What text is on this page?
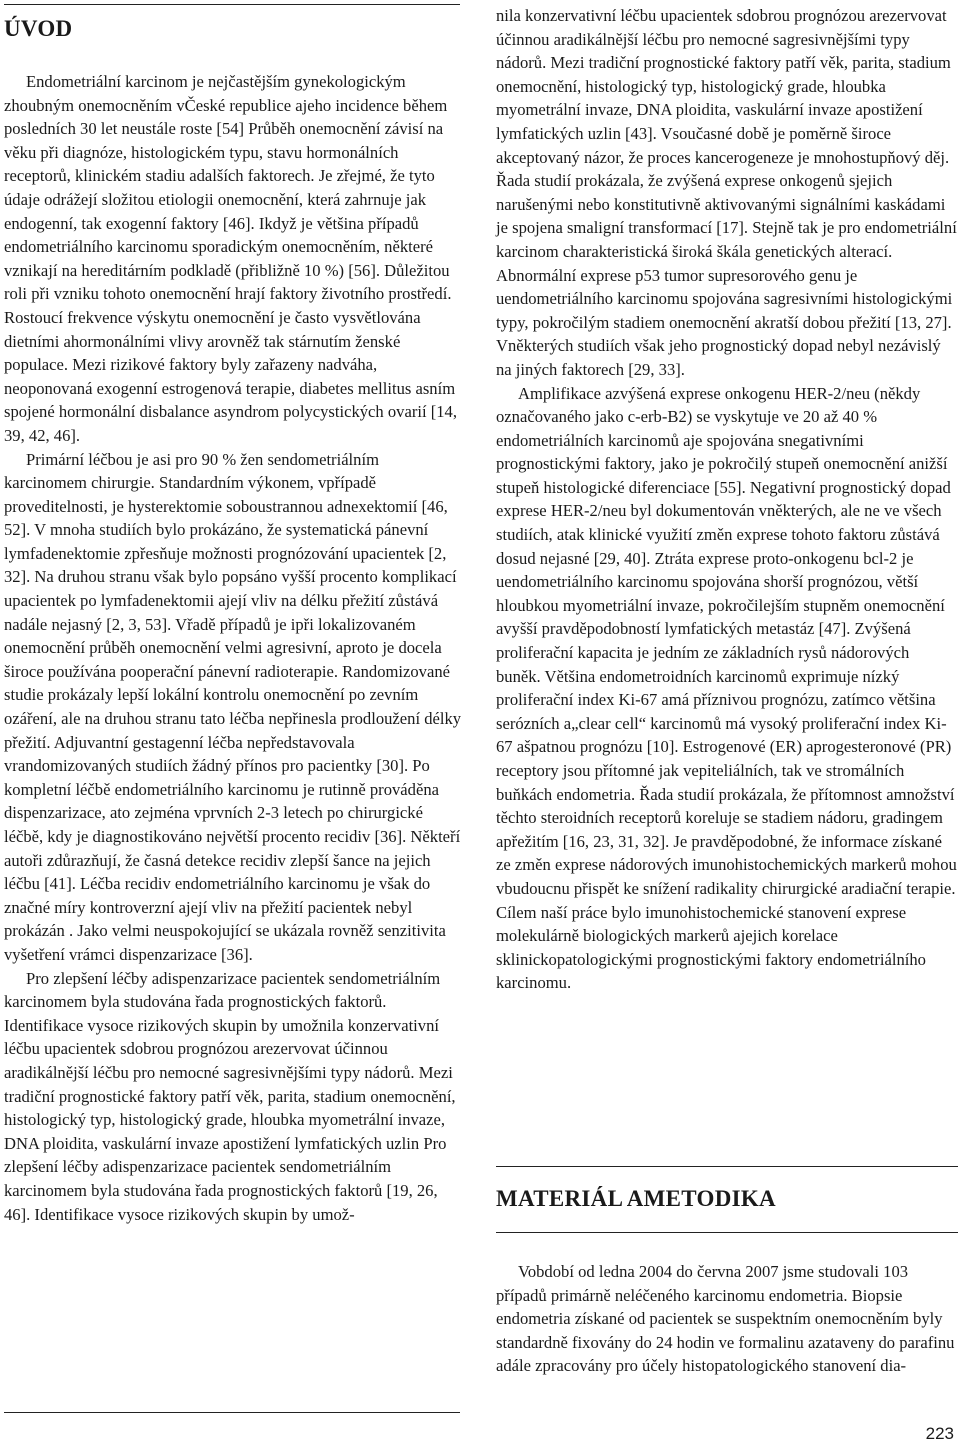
ÚVOD
Endometriální karcinom je nejčastějším gynekologickým zhoubným onemocněním vČeské republice ajeho incidence během posledních 30 let neustále roste [54] Průběh onemocnění závisí na věku při diagnóze, histologickém typu, stavu hormonálních receptorů, klinickém stadiu adalších faktorech. Je zřejmé, že tyto údaje odrážejí složitou etiologii onemocnění, která zahrnuje jak endogenní, tak exogenní faktory [46]. Ikdyž je většina případů endometriálního karcinomu sporadickým onemocněním, některé vznikají na hereditárním podkladě (přibližně 10 %) [56]. Důležitou roli při vzniku tohoto onemocnění hrají faktory životního prostředí. Rostoucí frekvence výskytu onemocnění je často vysvětlována dietními ahormonálními vlivy arovněž tak stárnutím ženské populace. Mezi rizikové faktory byly zařazeny nadváha, neoponovaná exogenní estrogenová terapie, diabetes mellitus asním spojené hormonální disbalance asyndrom polycystických ovarií [14, 39, 42, 46].
Primární léčbou je asi pro 90 % žen sendometriálním karcinomem chirurgie. Standardním výkonem, vpřípadě proveditelnosti, je hysterektomie soboustrannou adnexektomií [46, 52]. V mnoha studiích bylo prokázáno, že systematická pánevní lymfadenektomie zpřesňuje možnosti prognózování upacientek [2, 32]. Na druhou stranu však bylo popsáno vyšší procento komplikací upacientek po lymfadenektomii ajejí vliv na délku přežití zůstává nadále nejasný [2, 3, 53]. Vřadě případů je ipři lokalizovaném onemocnění průběh onemocnění velmi agresivní, aproto je docela široce používána pooperační pánevní radioterapie. Randomizované studie prokázaly lepší lokální kontrolu onemocnění po zevním ozáření, ale na druhou stranu tato léčba nepřinesla prodloužení délky přežití. Adjuvantní gestagenní léčba nepředstavovala vrandomizovaných studiích žádný přínos pro pacientky [30]. Po kompletní léčbě endometriálního karcinomu je rutinně prováděna dispenzarizace, ato zejména vprvních 2-3 letech po chirurgické léčbě, kdy je diagnostikováno největší procento recidiv [36]. Někteří autoři zdůrazňují, že časná detekce recidiv zlepší šance na jejich léčbu [41]. Léčba recidiv endometriálního karcinomu je však do značné míry kontroverzní ajejí vliv na přežití pacientek nebyl prokázán . Jako velmi neuspokojující se ukázala rovněž senzitivita vyšetření vrámci dispenzarizace [36].
Pro zlepšení léčby adispenzarizace pacientek sendometriálním karcinomem byla studována řada prognostických faktorů. Identifikace vysoce rizikových skupin by umožnila konzervativní léčbu upacientek sdobrou prognózou arezervovat účinnou aradikálnější léčbu pro nemocné sagresivnějšími typy nádorů. Mezi tradiční prognostické faktory patří věk, parita, stadium onemocnění, histologický typ, histologický grade, hloubka myometrální invaze, DNA ploidita, vaskulární invaze apostižení lymfatických uzlin Pro zlepšení léčby adispenzarizace pacientek sendometriálním karcinomem byla studována řada prognostických faktorů [19, 26, 46]. Identifikace vysoce rizikových skupin by umož-
nila konzervativní léčbu upacientek sdobrou prognózou arezervovat účinnou aradikálnější léčbu pro nemocné sagresivnějšími typy nádorů. Mezi tradiční prognostické faktory patří věk, parita, stadium onemocnění, histologický typ, histologický grade, hloubka myometrální invaze, DNA ploidita, vaskulární invaze apostižení lymfatických uzlin [43]. Vsoučasné době je poměrně široce akceptovaný názor, že proces kancerogeneze je mnohostupňový děj. Řada studií prokázala, že zvýšená exprese onkogenů sjejich narušenými nebo konstitutivně aktivovanými signálními kaskádami je spojena smaligní transformací [17]. Stejně tak je pro endometriální karcinom charakteristická široká škála genetických alterací. Abnormální exprese p53 tumor supresorového genu je uendometriálního karcinomu spojována sagresivními histologickými typy, pokročilým stadiem onemocnění akratší dobou přežití [13, 27]. Vněkterých studiích však jeho prognostický dopad nebyl nezávislý na jiných faktorech [29, 33].
Amplifikace azvýšená exprese onkogenu HER-2/neu (někdy označovaného jako c-erb-B2) se vyskytuje ve 20 až 40 % endometriálních karcinomů aje spojována snegativními prognostickými faktory, jako je pokročilý stupeň onemocnění anižší stupeň histologické diferenciace [55]. Negativní prognostický dopad exprese HER-2/neu byl dokumentován vněkterých, ale ne ve všech studiích, atak klinické využití změn exprese tohoto faktoru zůstává dosud nejasné [29, 40]. Ztráta exprese proto-onkogenu bcl-2 je uendometriálního karcinomu spojována shorší prognózou, větší hloubkou myometriální invaze, pokročilejším stupněm onemocnění avyšší pravděpodobností lymfatických metastáz [47]. Zvýšená proliferační kapacita je jedním ze základních rysů nádorových buněk. Většina endometroidních karcinomů exprimuje nízký proliferační index Ki-67 amá příznivou prognózu, zatímco většina serózních a„clear cell“ karcinomů má vysoký proliferační index Ki-67 ašpatnou prognózu [10]. Estrogenové (ER) aprogesteronové (PR) receptory jsou přítomné jak vepiteliálních, tak ve stromálních buňkách endometria. Řada studií prokázala, že přítomnost amnožství těchto steroidních receptorů koreluje se stadiem nádoru, gradingem apřežitím [16, 23, 31, 32]. Je pravděpodobné, že informace získané ze změn exprese nádorových imunohistochemických markerů mohou vbudoucnu přispět ke snížení radikality chirurgické aradiační terapie. Cílem naší práce bylo imunohistochemické stanovení exprese molekulárně biologických markerů ajejich korelace sklinickopatologickými prognostickými faktory endometriálního karcinomu.
MATERIÁL AMETODIKA
Vobdobí od ledna 2004 do června 2007 jsme studovali 103 případů primárně neléčeného karcinomu endometria. Biopsie endometria získané od pacientek se suspektním onemocněním byly standardně fixovány do 24 hodin ve formalinu azataveny do parafinu adále zpracovány pro účely histopatologického stanovení dia-
223
